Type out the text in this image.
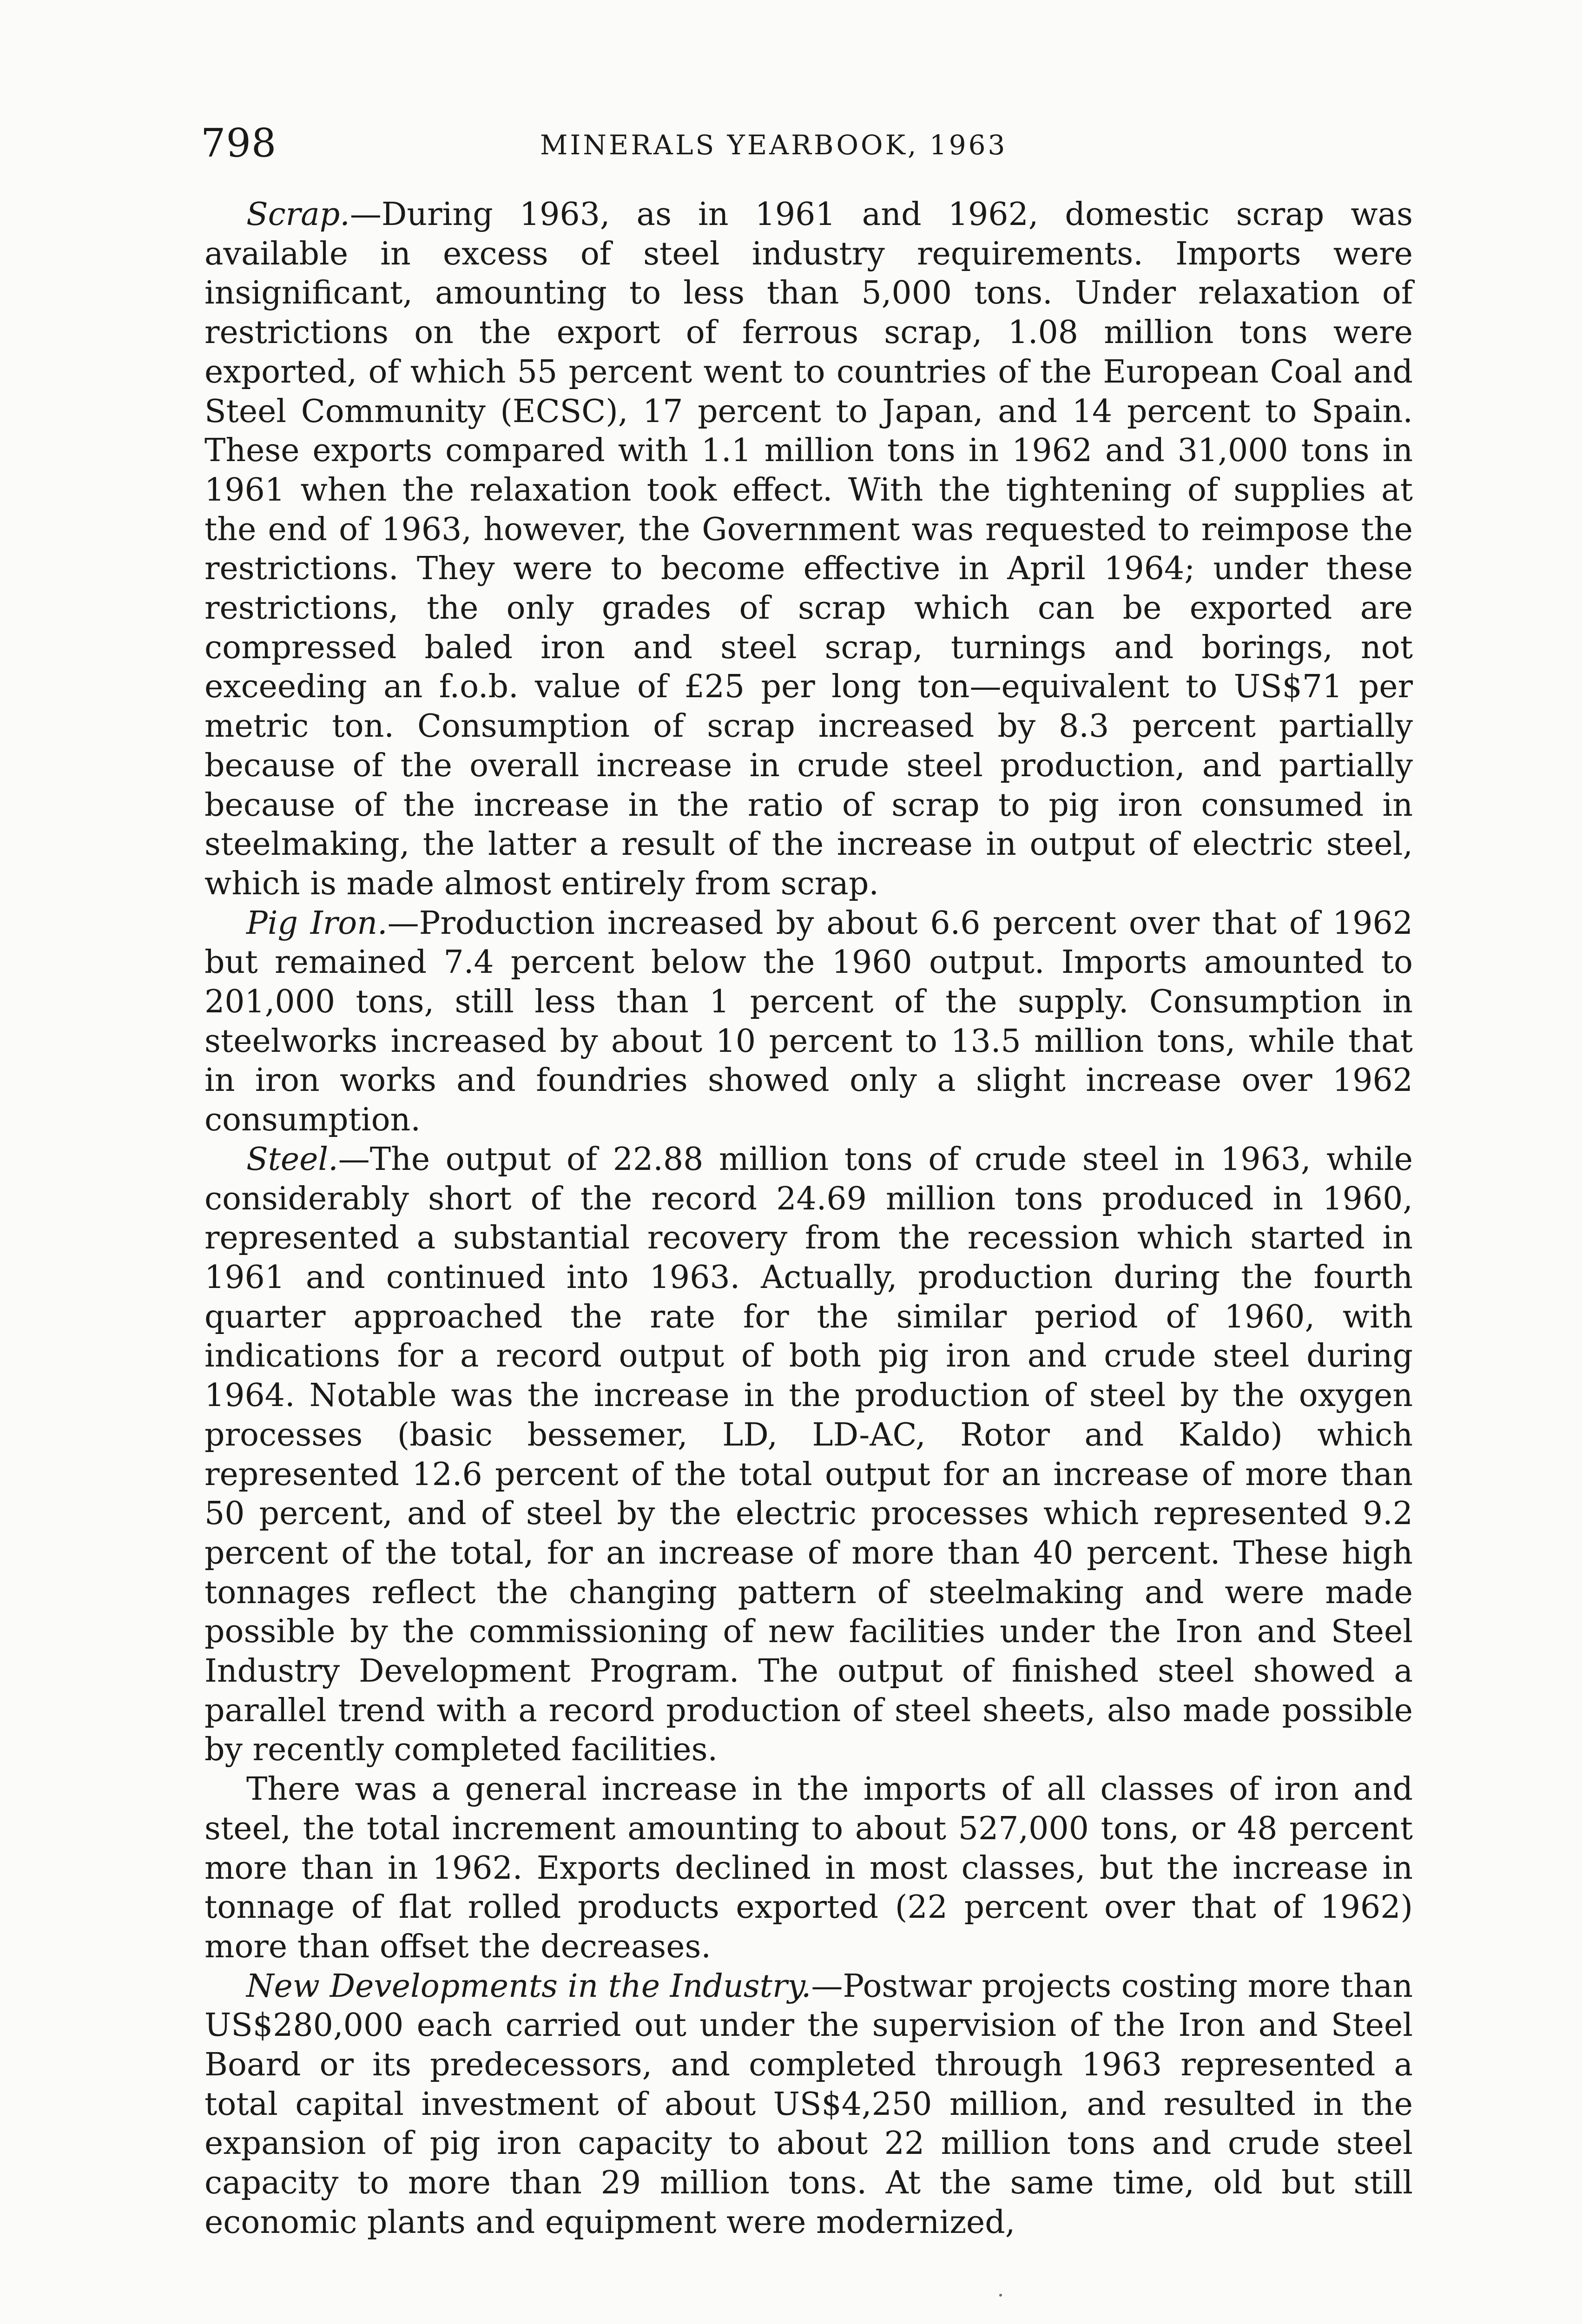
798	MINERALS YEARBOOK, 1963

Scrap.—During 1963, as in 1961 and 1962, domestic scrap was available in excess of steel industry requirements. Imports were insignificant, amounting to less than 5,000 tons. Under relaxation of restrictions on the export of ferrous scrap, 1.08 million tons were exported, of which 55 percent went to countries of the European Coal and Steel Community (ECSC), 17 percent to Japan, and 14 percent to Spain. These exports compared with 1.1 million tons in 1962 and 31,000 tons in 1961 when the relaxation took effect. With the tightening of supplies at the end of 1963, however, the Government was requested to reimpose the restrictions. They were to become effective in April 1964; under these restrictions, the only grades of scrap which can be exported are compressed baled iron and steel scrap, turnings and borings, not exceeding an f.o.b. value of £25 per long ton—equivalent to US$71 per metric ton. Consumption of scrap increased by 8.3 percent partially because of the overall increase in crude steel production, and partially because of the increase in the ratio of scrap to pig iron consumed in steelmaking, the latter a result of the increase in output of electric steel, which is made almost entirely from scrap.

Pig Iron.—Production increased by about 6.6 percent over that of 1962 but remained 7.4 percent below the 1960 output. Imports amounted to 201,000 tons, still less than 1 percent of the supply. Consumption in steelworks increased by about 10 percent to 13.5 million tons, while that in iron works and foundries showed only a slight increase over 1962 consumption.

Steel.—The output of 22.88 million tons of crude steel in 1963, while considerably short of the record 24.69 million tons produced in 1960, represented a substantial recovery from the recession which started in 1961 and continued into 1963. Actually, production during the fourth quarter approached the rate for the similar period of 1960, with indications for a record output of both pig iron and crude steel during 1964. Notable was the increase in the production of steel by the oxygen processes (basic bessemer, LD, LD-AC, Rotor and Kaldo) which represented 12.6 percent of the total output for an increase of more than 50 percent, and of steel by the electric processes which represented 9.2 percent of the total, for an increase of more than 40 percent. These high tonnages reflect the changing pattern of steelmaking and were made possible by the commissioning of new facilities under the Iron and Steel Industry Development Program. The output of finished steel showed a parallel trend with a record production of steel sheets, also made possible by recently completed facilities.

There was a general increase in the imports of all classes of iron and steel, the total increment amounting to about 527,000 tons, or 48 percent more than in 1962. Exports declined in most classes, but the increase in tonnage of flat rolled products exported (22 percent over that of 1962) more than offset the decreases.

New Developments in the Industry.—Postwar projects costing more than US$280,000 each carried out under the supervision of the Iron and Steel Board or its predecessors, and completed through 1963 represented a total capital investment of about US$4,250 million, and resulted in the expansion of pig iron capacity to about 22 million tons and crude steel capacity to more than 29 million tons. At the same time, old but still economic plants and equipment were modernized,
